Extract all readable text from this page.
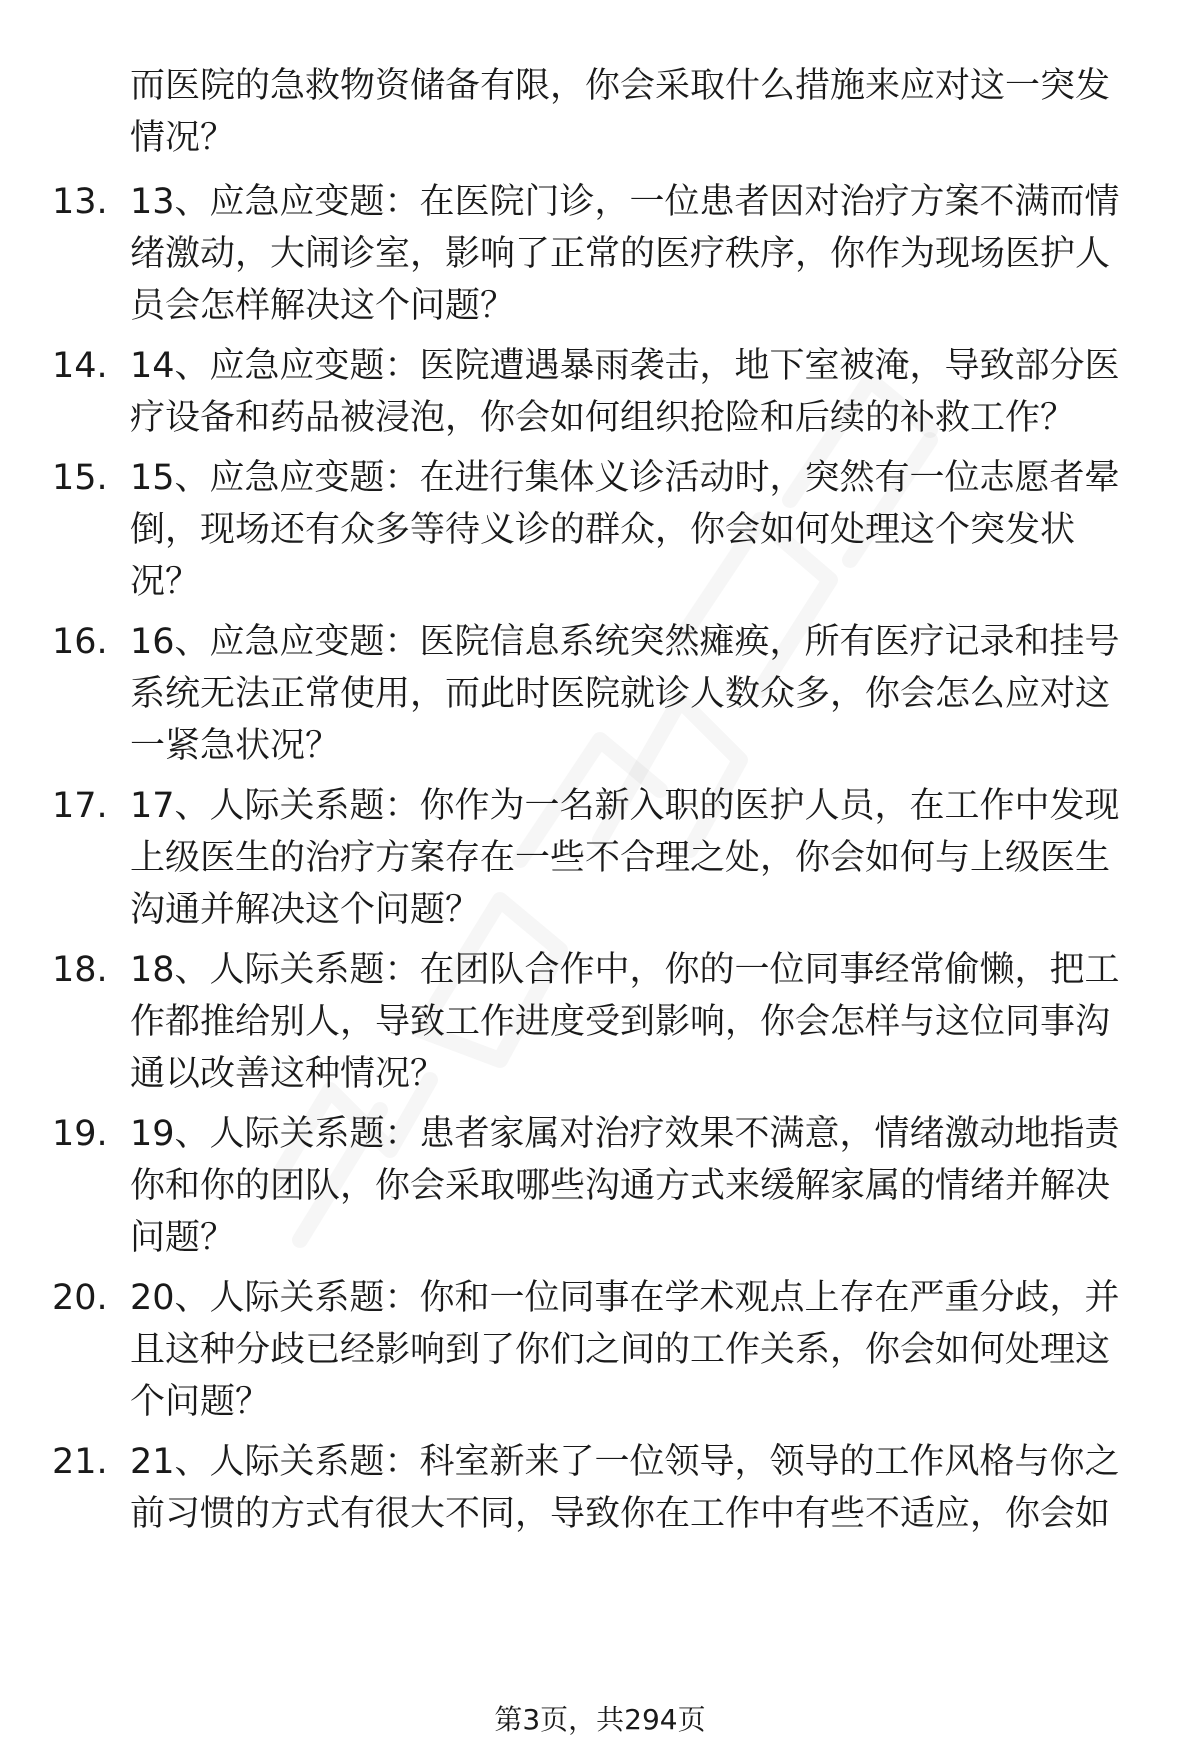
而医院的急救物资储备有限，你会采取什么措施来应对这一突发
情况？
13. 13、应急应变题：在医院门诊，一位患者因对治疗方案不满而情
绪激动，大闹诊室，影响了正常的医疗秩序，你作为现场医护人
员会怎样解决这个问题？
14. 14、应急应变题：医院遭遇暴雨袭击，地下室被淹，导致部分医
疗设备和药品被浸泡，你会如何组织抢险和后续的补救工作？
15. 15、应急应变题：在进行集体义诊活动时，突然有一位志愿者晕
倒，现场还有众多等待义诊的群众，你会如何处理这个突发状
况？
16. 16、应急应变题：医院信息系统突然瘫痪，所有医疗记录和挂号
系统无法正常使用，而此时医院就诊人数众多，你会怎么应对这
一紧急状况？
17. 17、人际关系题：你作为一名新入职的医护人员，在工作中发现
上级医生的治疗方案存在一些不合理之处，你会如何与上级医生
沟通并解决这个问题？
18. 18、人际关系题：在团队合作中，你的一位同事经常偷懒，把工
作都推给别人，导致工作进度受到影响，你会怎样与这位同事沟
通以改善这种情况？
19. 19、人际关系题：患者家属对治疗效果不满意，情绪激动地指责
你和你的团队，你会采取哪些沟通方式来缓解家属的情绪并解决
问题？
20. 20、人际关系题：你和一位同事在学术观点上存在严重分歧，并
且这种分歧已经影响到了你们之间的工作关系，你会如何处理这
个问题？
21. 21、人际关系题：科室新来了一位领导，领导的工作风格与你之
前习惯的方式有很大不同，导致你在工作中有些不适应，你会如
第3页，共294页
